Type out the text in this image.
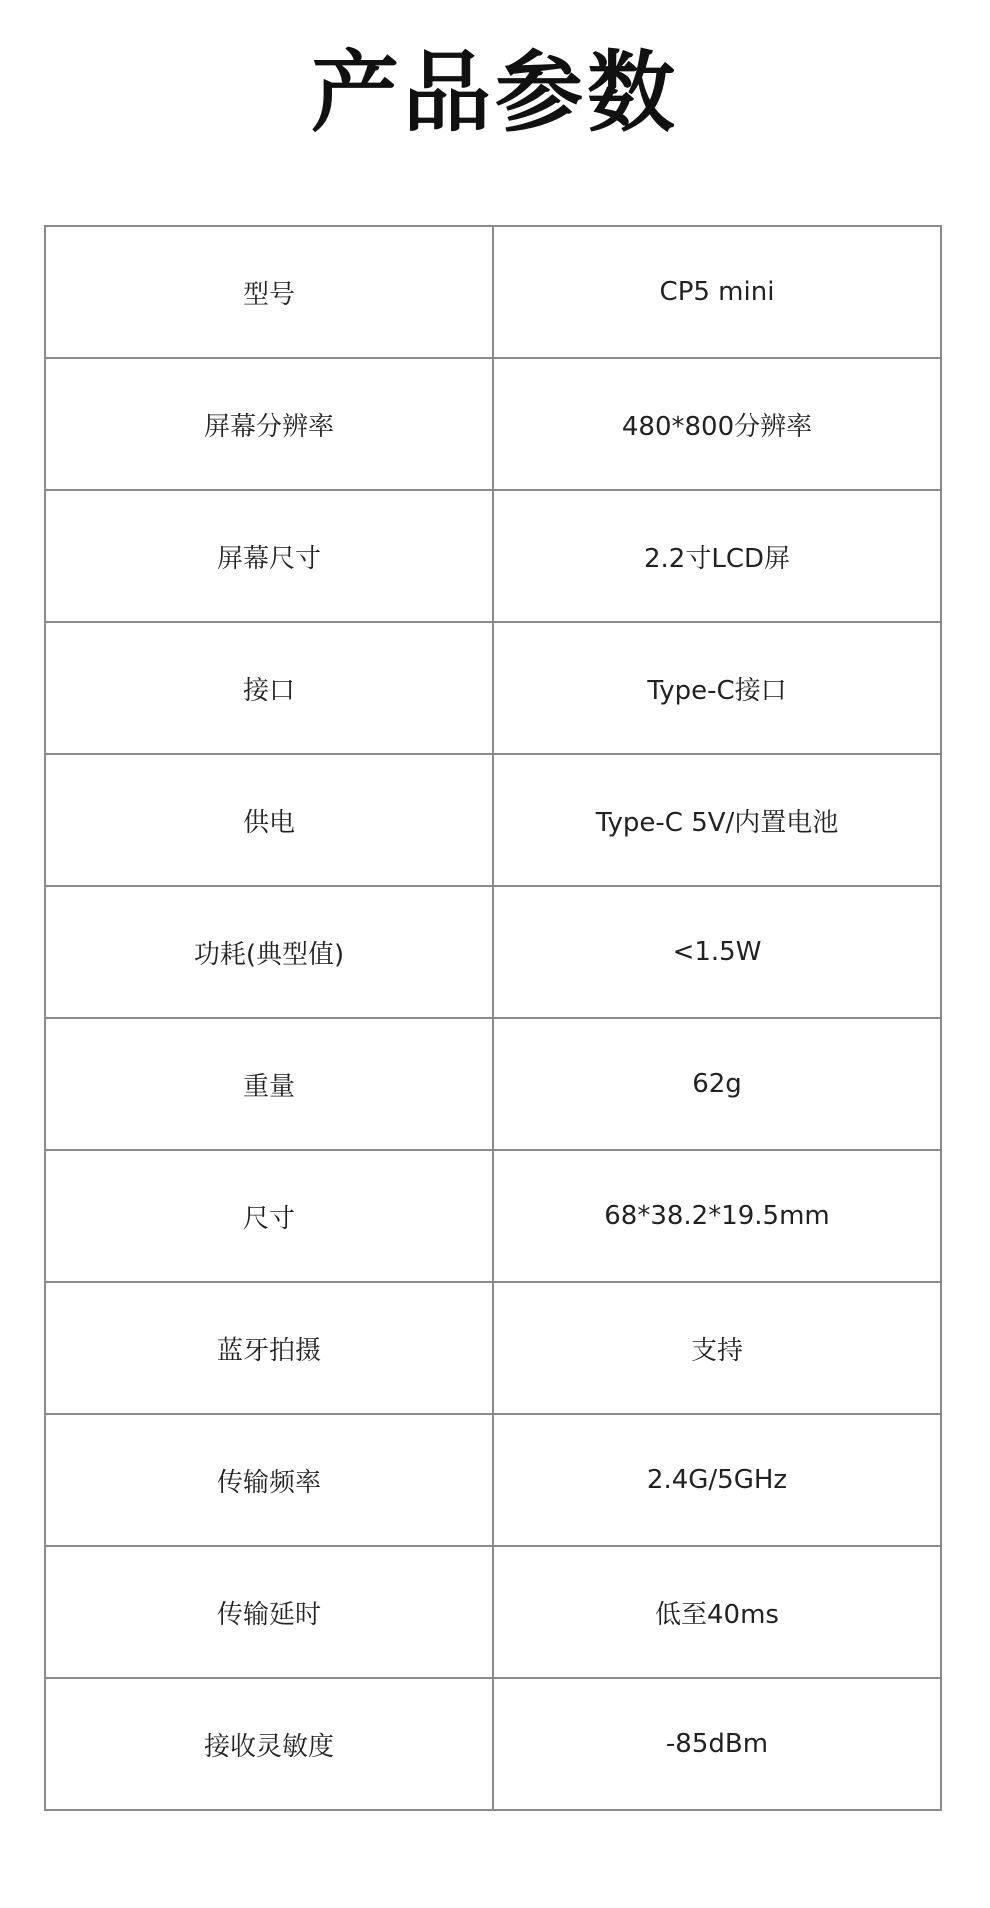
产品参数
型号	CP5 mini
屏幕分辨率	480*800分辨率
屏幕尺寸	2.2寸LCD屏
接口	Type-C接口
供电	Type-C 5V/内置电池
功耗(典型值)	<1.5W
重量	62g
尺寸	68*38.2*19.5mm
蓝牙拍摄	支持
传输频率	2.4G/5GHz
传输延时	低至40ms
接收灵敏度	-85dBm
